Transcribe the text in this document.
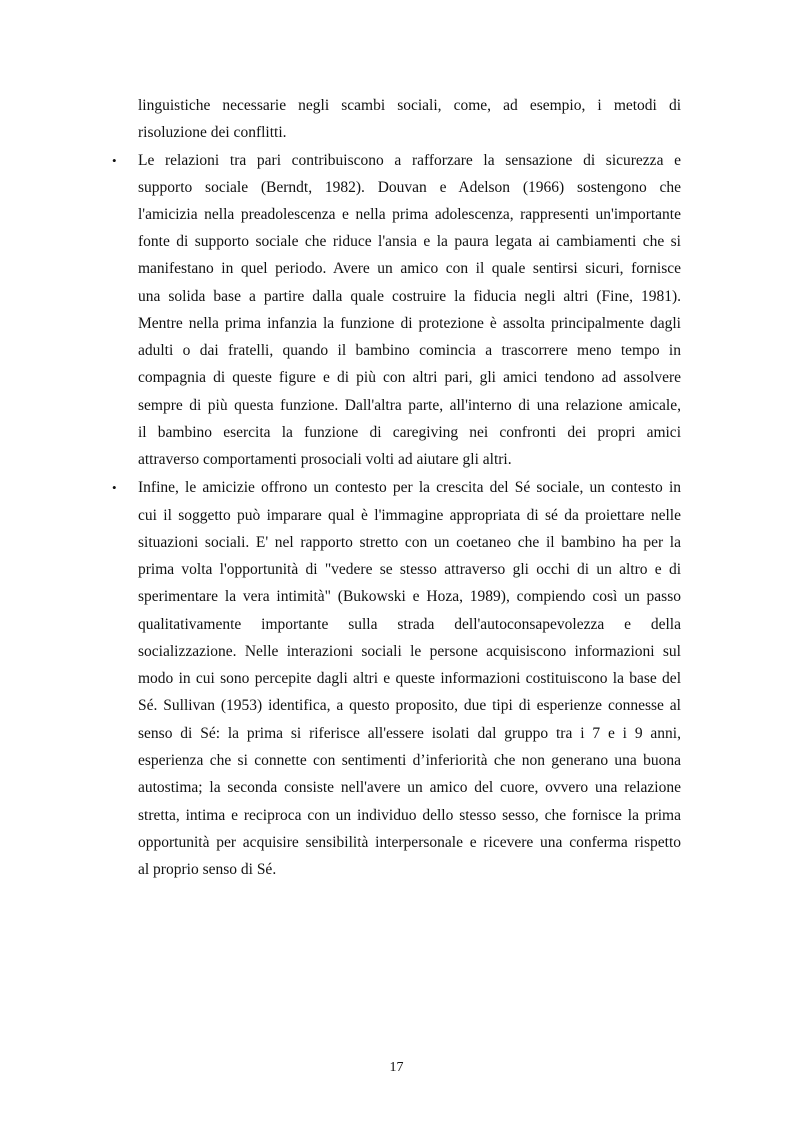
linguistiche necessarie negli scambi sociali, come, ad esempio, i metodi di
risoluzione dei conflitti.
• Le relazioni tra pari contribuiscono a rafforzare la sensazione di sicurezza e
supporto sociale (Berndt, 1982). Douvan e Adelson (1966) sostengono che
l'amicizia nella preadolescenza e nella prima adolescenza, rappresenti un'importante
fonte di supporto sociale che riduce l'ansia e la paura legata ai cambiamenti che si
manifestano in quel periodo. Avere un amico con il quale sentirsi sicuri, fornisce
una solida base a partire dalla quale costruire la fiducia negli altri (Fine, 1981).
Mentre nella prima infanzia la funzione di protezione è assolta principalmente dagli
adulti o dai fratelli, quando il bambino comincia a trascorrere meno tempo in
compagnia di queste figure e di più con altri pari, gli amici tendono ad assolvere
sempre di più questa funzione. Dall'altra parte, all'interno di una relazione amicale,
il bambino esercita la funzione di caregiving nei confronti dei propri amici
attraverso comportamenti prosociali volti ad aiutare gli altri.
• Infine, le amicizie offrono un contesto per la crescita del Sé sociale, un contesto in
cui il soggetto può imparare qual è l'immagine appropriata di sé da proiettare nelle
situazioni sociali. E' nel rapporto stretto con un coetaneo che il bambino ha per la
prima volta l'opportunità di "vedere se stesso attraverso gli occhi di un altro e di
sperimentare la vera intimità" (Bukowski e Hoza, 1989), compiendo così un passo
qualitativamente importante sulla strada dell'autoconsapevolezza e della
socializzazione. Nelle interazioni sociali le persone acquisiscono informazioni sul
modo in cui sono percepite dagli altri e queste informazioni costituiscono la base del
Sé. Sullivan (1953) identifica, a questo proposito, due tipi di esperienze connesse al
senso di Sé: la prima si riferisce all'essere isolati dal gruppo tra i 7 e i 9 anni,
esperienza che si connette con sentimenti d’inferiorità che non generano una buona
autostima; la seconda consiste nell'avere un amico del cuore, ovvero una relazione
stretta, intima e reciproca con un individuo dello stesso sesso, che fornisce la prima
opportunità per acquisire sensibilità interpersonale e ricevere una conferma rispetto
al proprio senso di Sé.
17
